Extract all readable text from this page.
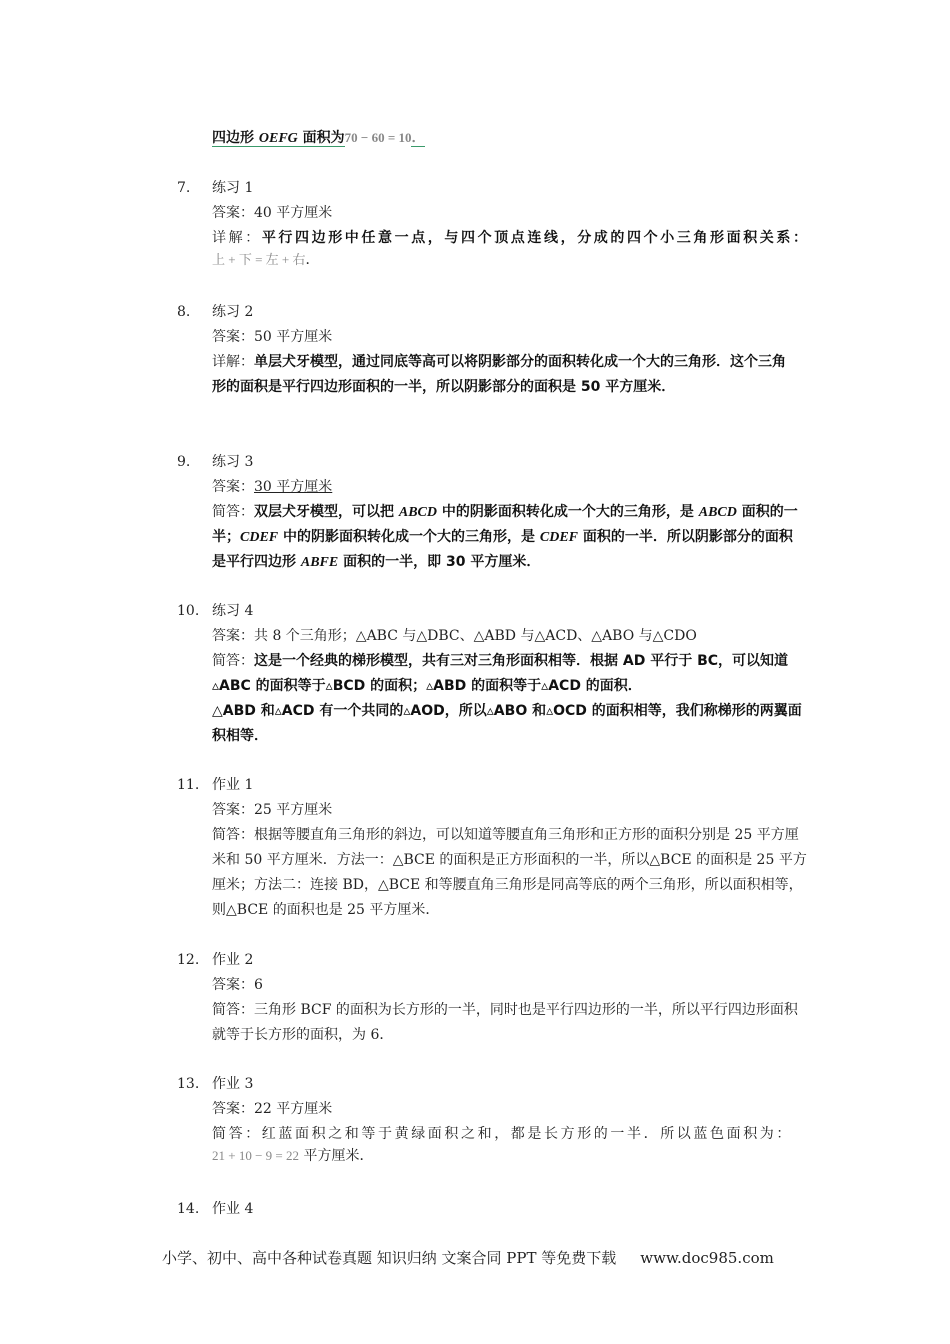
四边形 OEFG 面积为70 − 60 = 10．
7. 练习 1
答案：40 平方厘米
详解：平行四边形中任意一点，与四个顶点连线，分成的四个小三角形面积关系：
上 + 下 = 左 + 右．
8. 练习 2
答案：50 平方厘米
详解：单层犬牙模型，通过同底等高可以将阴影部分的面积转化成一个大的三角形．这个三角
形的面积是平行四边形面积的一半，所以阴影部分的面积是 50 平方厘米．
9. 练习 3
答案：30 平方厘米
简答：双层犬牙模型，可以把 ABCD 中的阴影面积转化成一个大的三角形，是 ABCD 面积的一
半；CDEF 中的阴影面积转化成一个大的三角形，是 CDEF 面积的一半．所以阴影部分的面积
是平行四边形 ABFE 面积的一半，即 30 平方厘米．
10. 练习 4
答案：共 8 个三角形；△ABC 与△DBC、△ABD 与△ACD、△ABO 与△CDO
简答：这是一个经典的梯形模型，共有三对三角形面积相等．根据 AD 平行于 BC，可以知道
▵ABC 的面积等于▵BCD 的面积；▵ABD 的面积等于▵ACD 的面积．
△ABD 和▵ACD 有一个共同的▵AOD，所以▵ABO 和▵OCD 的面积相等，我们称梯形的两翼面
积相等．
11. 作业 1
答案：25 平方厘米
简答：根据等腰直角三角形的斜边，可以知道等腰直角三角形和正方形的面积分别是 25 平方厘
米和 50 平方厘米．方法一：△BCE 的面积是正方形面积的一半，所以△BCE 的面积是 25 平方
厘米；方法二：连接 BD，△BCE 和等腰直角三角形是同高等底的两个三角形，所以面积相等，
则△BCE 的面积也是 25 平方厘米．
12. 作业 2
答案：6
简答：三角形 BCF 的面积为长方形的一半，同时也是平行四边形的一半，所以平行四边形面积
就等于长方形的面积，为 6．
13. 作业 3
答案：22 平方厘米
简答：红蓝面积之和等于黄绿面积之和，都是长方形的一半．所以蓝色面积为：
21 + 10 − 9 = 22 平方厘米．
14. 作业 4
小学、初中、高中各种试卷真题 知识归纳 文案合同 PPT 等免费下载 www.doc985.com
